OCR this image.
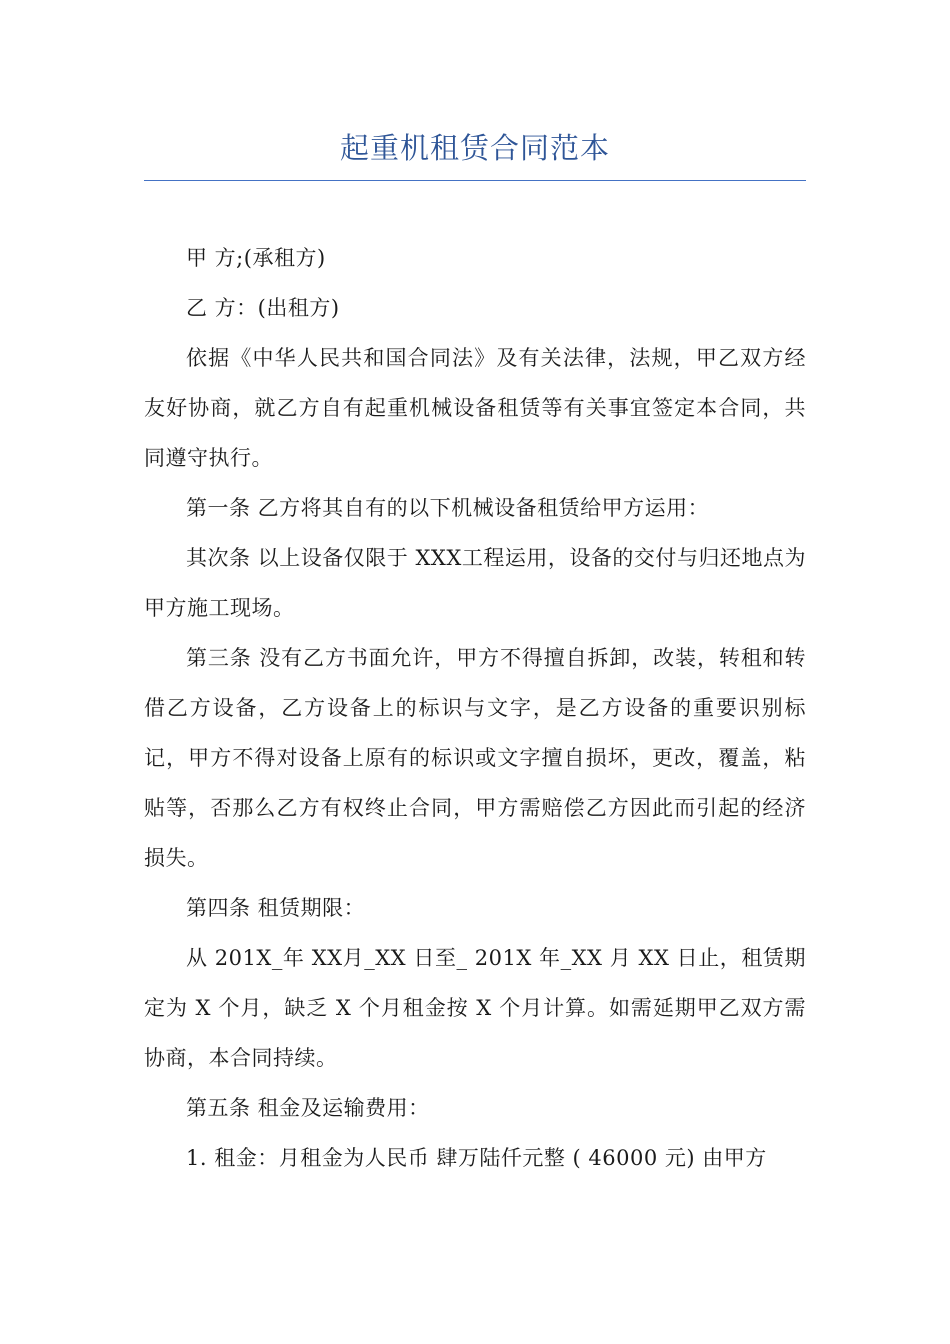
起重机租赁合同范本

甲 方;(承租方)

乙 方：(出租方)

依据《中华人民共和国合同法》及有关法律，法规，甲乙双方经友好协商，就乙方自有起重机械设备租赁等有关事宜签定本合同，共同遵守执行。

第一条 乙方将其自有的以下机械设备租赁给甲方运用：

其次条 以上设备仅限于 XXX工程运用，设备的交付与归还地点为甲方施工现场。

第三条 没有乙方书面允许，甲方不得擅自拆卸，改装，转租和转借乙方设备，乙方设备上的标识与文字，是乙方设备的重要识别标记，甲方不得对设备上原有的标识或文字擅自损坏，更改，覆盖，粘贴等，否那么乙方有权终止合同，甲方需赔偿乙方因此而引起的经济损失。

第四条 租赁期限：

从 201X_年 XX月_XX 日至_ 201X 年_XX 月 XX 日止，租赁期定为 X 个月，缺乏 X 个月租金按 X 个月计算。如需延期甲乙双方需协商，本合同持续。

第五条 租金及运输费用：

1. 租金：月租金为人民币 肆万陆仟元整 ( 46000 元) 由甲方
